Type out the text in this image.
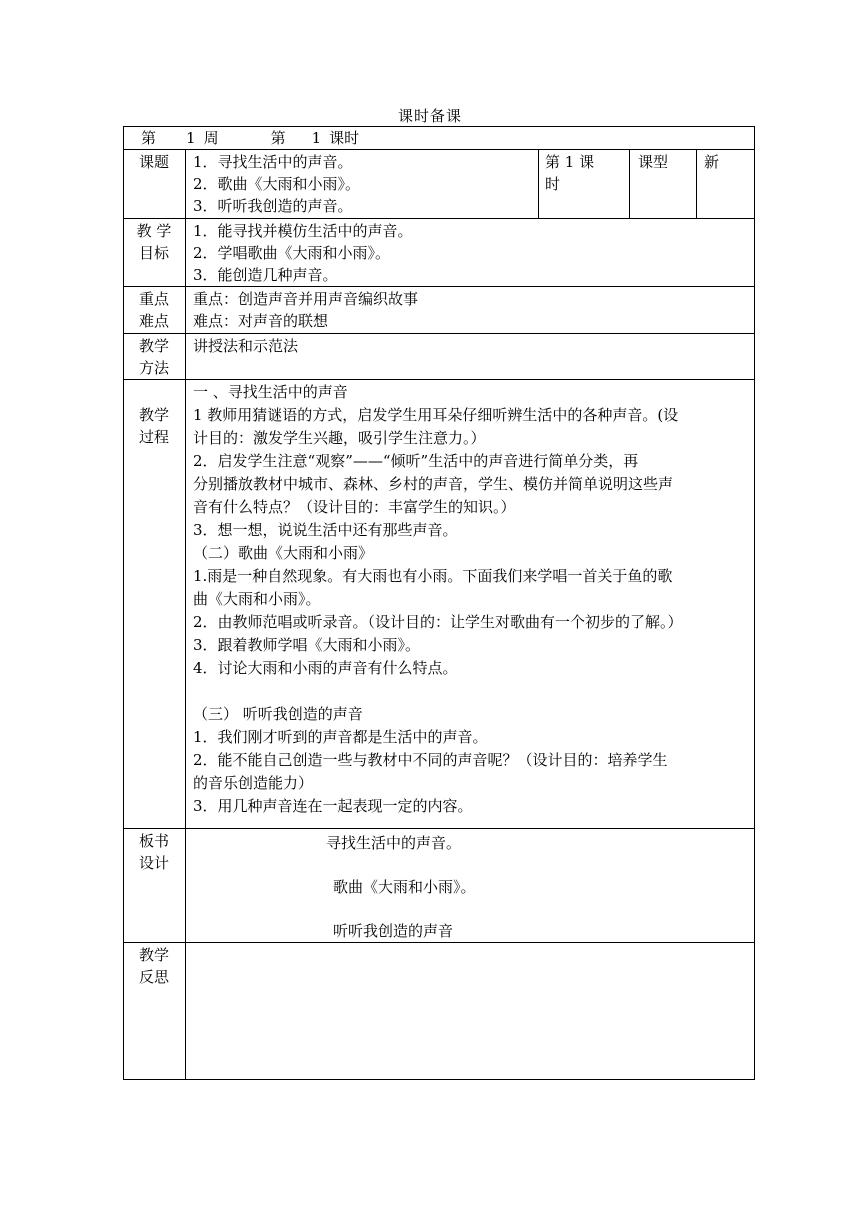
课时备课
第 1 周	第 1 课时
课题	1．寻找生活中的声音。
2．歌曲《大雨和小雨》。
3．听听我创造的声音。
第 1 课
时
课型 新
教 学
目标
1．能寻找并模仿生活中的声音。
2．学唱歌曲《大雨和小雨》。
3．能创造几种声音。
重点
难点
重点：创造声音并用声音编织故事
难点：对声音的联想
教学
方法
讲授法和示范法
教学
过程
一 、寻找生活中的声音
1 教师用猜谜语的方式，启发学生用耳朵仔细听辨生活中的各种声音。(设
计目的：激发学生兴趣，吸引学生注意力。）
2．启发学生注意“观察”——“倾听”生活中的声音进行简单分类，再
分别播放教材中城市、森林、乡村的声音，学生、模仿并简单说明这些声
音有什么特点？（设计目的：丰富学生的知识。）
3．想一想，说说生活中还有那些声音。
（二）歌曲《大雨和小雨》
1.雨是一种自然现象。有大雨也有小雨。下面我们来学唱一首关于鱼的歌
曲《大雨和小雨》。
2．由教师范唱或听录音。（设计目的：让学生对歌曲有一个初步的了解。）
3．跟着教师学唱《大雨和小雨》。
4．讨论大雨和小雨的声音有什么特点。
（三） 听听我创造的声音
1．我们刚才听到的声音都是生活中的声音。
2．能不能自己创造一些与教材中不同的声音呢？（设计目的：培养学生
的音乐创造能力）
3．用几种声音连在一起表现一定的内容。
板书
设计
寻找生活中的声音。
歌曲《大雨和小雨》。
听听我创造的声音
教学
反思
